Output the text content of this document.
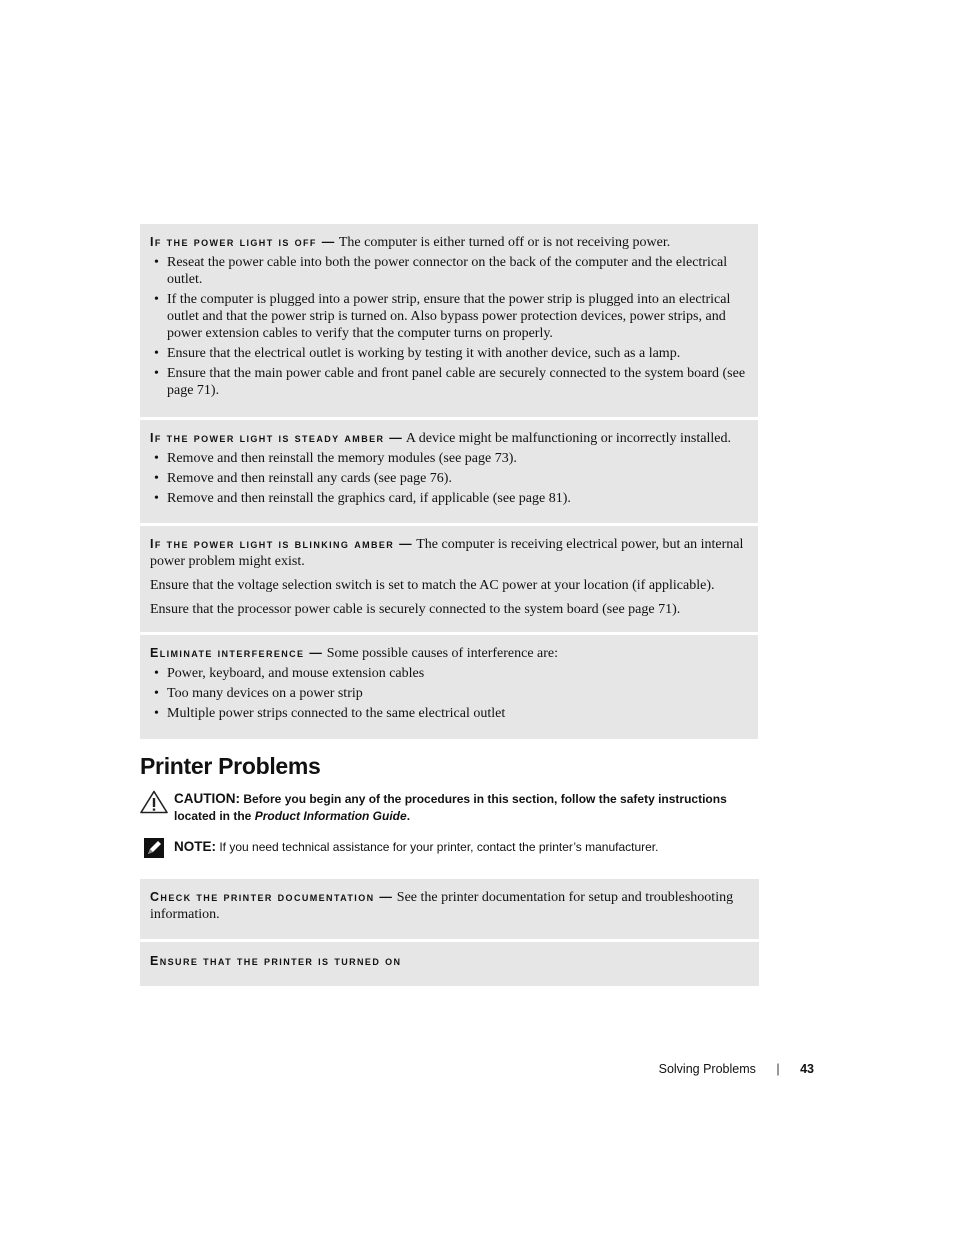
If the power light is off — The computer is either turned off or is not receiving power.

• Reseat the power cable into both the power connector on the back of the computer and the electrical outlet.
• If the computer is plugged into a power strip, ensure that the power strip is plugged into an electrical outlet and that the power strip is turned on. Also bypass power protection devices, power strips, and power extension cables to verify that the computer turns on properly.
• Ensure that the electrical outlet is working by testing it with another device, such as a lamp.
• Ensure that the main power cable and front panel cable are securely connected to the system board (see page 71).

If the power light is steady amber — A device might be malfunctioning or incorrectly installed.

• Remove and then reinstall the memory modules (see page 73).
• Remove and then reinstall any cards (see page 76).
• Remove and then reinstall the graphics card, if applicable (see page 81).

If the power light is blinking amber — The computer is receiving electrical power, but an internal power problem might exist.

Ensure that the voltage selection switch is set to match the AC power at your location (if applicable).

Ensure that the processor power cable is securely connected to the system board (see page 71).

Eliminate interference — Some possible causes of interference are:

• Power, keyboard, and mouse extension cables
• Too many devices on a power strip
• Multiple power strips connected to the same electrical outlet
Printer Problems
CAUTION: Before you begin any of the procedures in this section, follow the safety instructions located in the Product Information Guide.
NOTE: If you need technical assistance for your printer, contact the printer’s manufacturer.

Check the printer documentation — See the printer documentation for setup and troubleshooting information.

Ensure that the printer is turned on

Solving Problems | 43
